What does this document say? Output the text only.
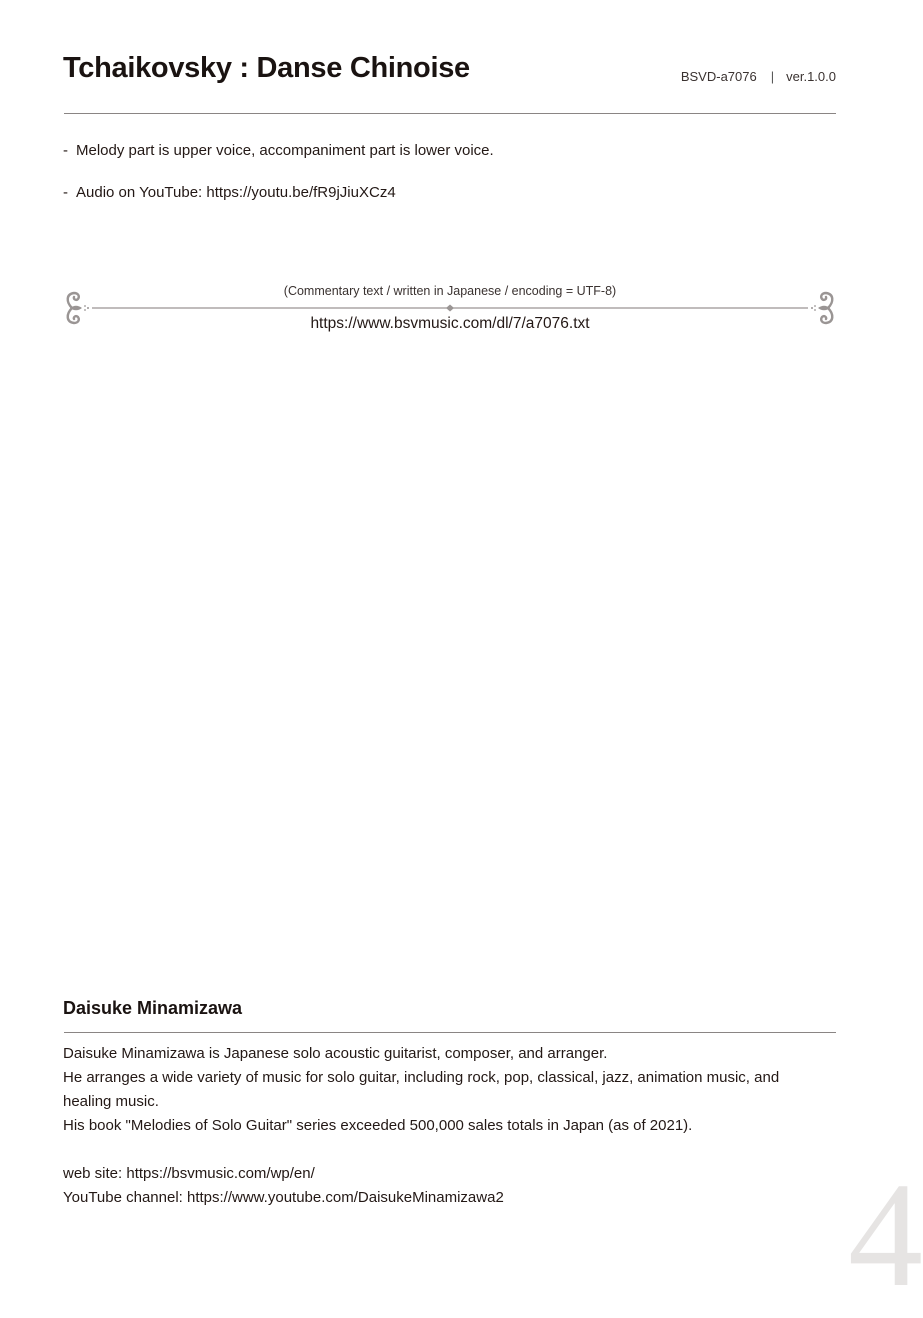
Tchaikovsky : Danse Chinoise	BSVD-a7076 | ver.1.0.0
- Melody part is upper voice, accompaniment part is lower voice.
- Audio on YouTube: https://youtu.be/fR9jJiuXCz4
(Commentary text / written in Japanese / encoding = UTF-8)
https://www.bsvmusic.com/dl/7/a7076.txt
Daisuke Minamizawa

Daisuke Minamizawa is Japanese solo acoustic guitarist, composer, and arranger.

He arranges a wide variety of music for solo guitar, including rock, pop, classical, jazz, animation music, and healing music.

His book "Melodies of Solo Guitar" series exceeded 500,000 sales totals in Japan (as of 2021).

web site: https://bsvmusic.com/wp/en/

YouTube channel: https://www.youtube.com/DaisukeMinamizawa2	4
